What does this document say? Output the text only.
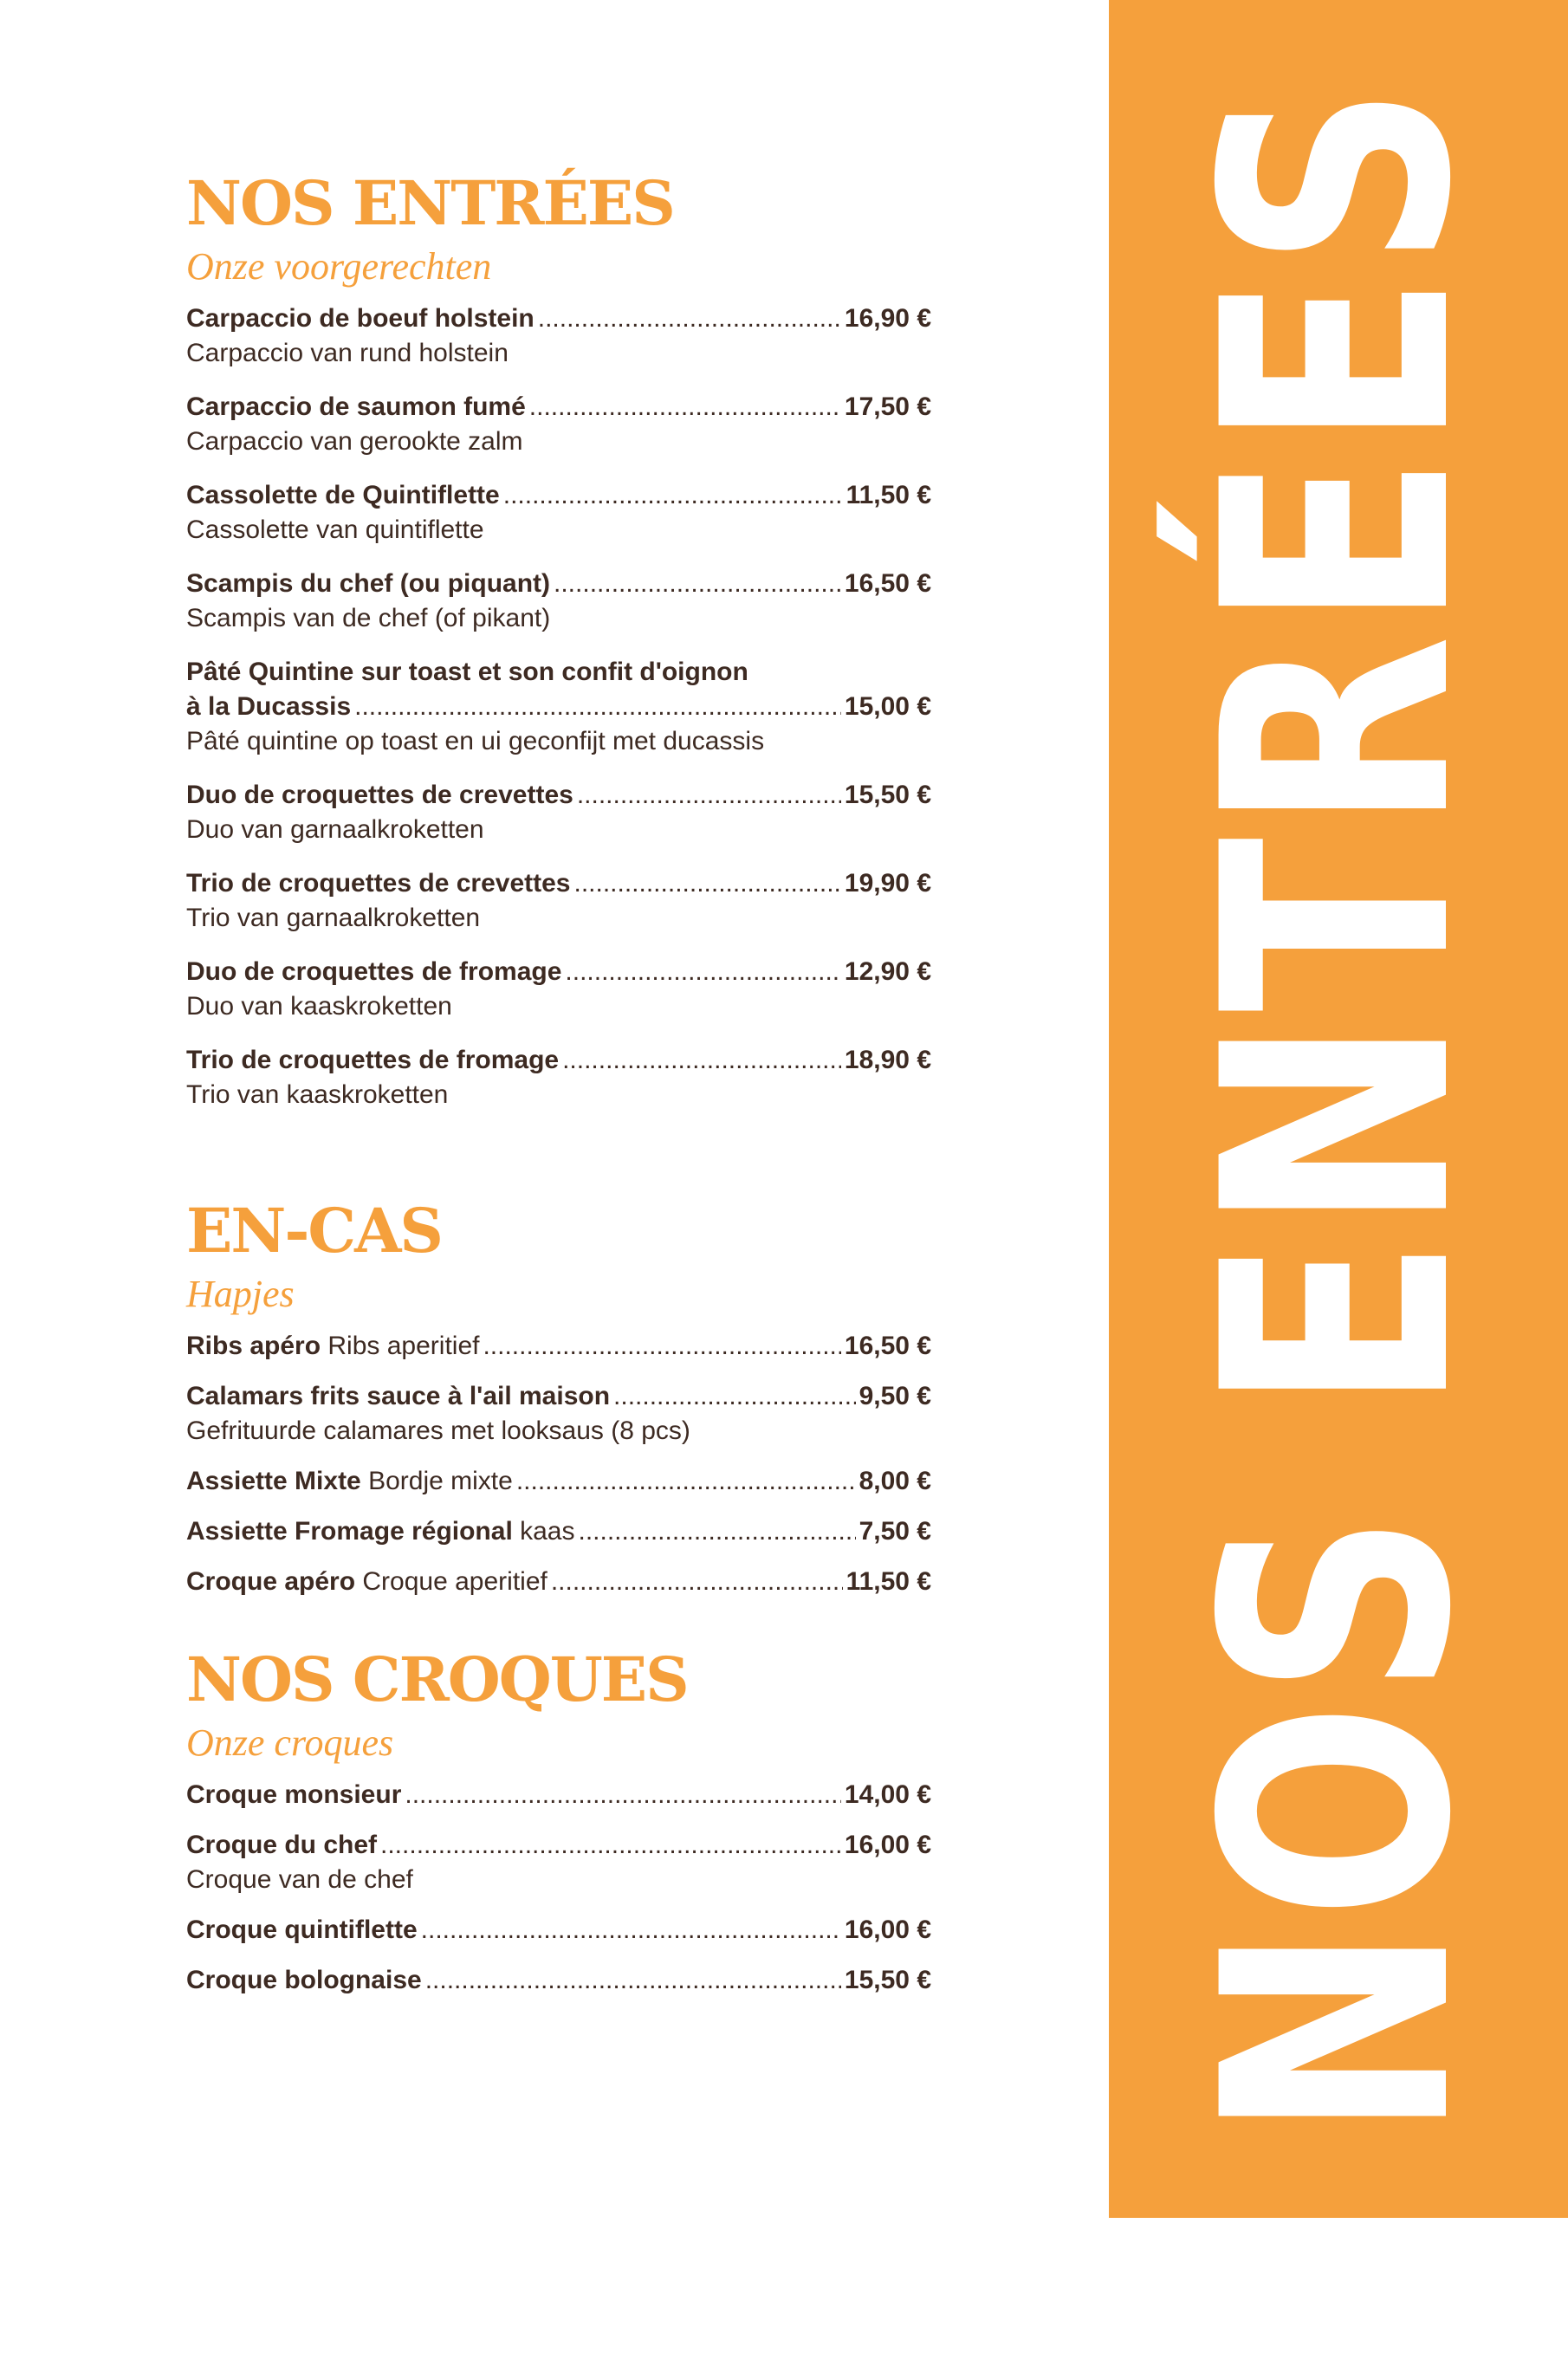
NOS ENTRÉES
NOS ENTRÉES
Onze voorgerechten
Carpaccio de boeuf holstein .....	16,90 €
Carpaccio van rund holstein
Carpaccio de saumon fumé .....	17,50 €
Carpaccio van gerookte zalm
Cassolette de Quintiflette .....	11,50 €
Cassolette van quintiflette
Scampis du chef (ou piquant) .....	16,50 €
Scampis van de chef (of pikant)
Pâté Quintine sur toast et son confit d'oignon
à la Ducassis .....	15,00 €
Pâté quintine op toast en ui geconfijt met ducassis
Duo de croquettes de crevettes .....	15,50 €
Duo van garnaalkroketten
Trio de croquettes de crevettes .....	19,90 €
Trio van garnaalkroketten
Duo de croquettes de fromage .....	12,90 €
Duo van kaaskroketten
Trio de croquettes de fromage .....	18,90 €
Trio van kaaskroketten
EN-CAS
Hapjes
Ribs apéro Ribs aperitief .....	16,50 €
Calamars frits sauce à l'ail maison .....	9,50 €
Gefrituurde calamares met looksaus (8 pcs)
Assiette Mixte Bordje mixte .....	8,00 €
Assiette Fromage régional kaas .....	7,50 €
Croque apéro Croque aperitief .....	11,50 €
NOS CROQUES
Onze croques
Croque monsieur .....	14,00 €
Croque du chef .....	16,00 €
Croque van de chef
Croque quintiflette .....	16,00 €
Croque bolognaise .....	15,50 €
